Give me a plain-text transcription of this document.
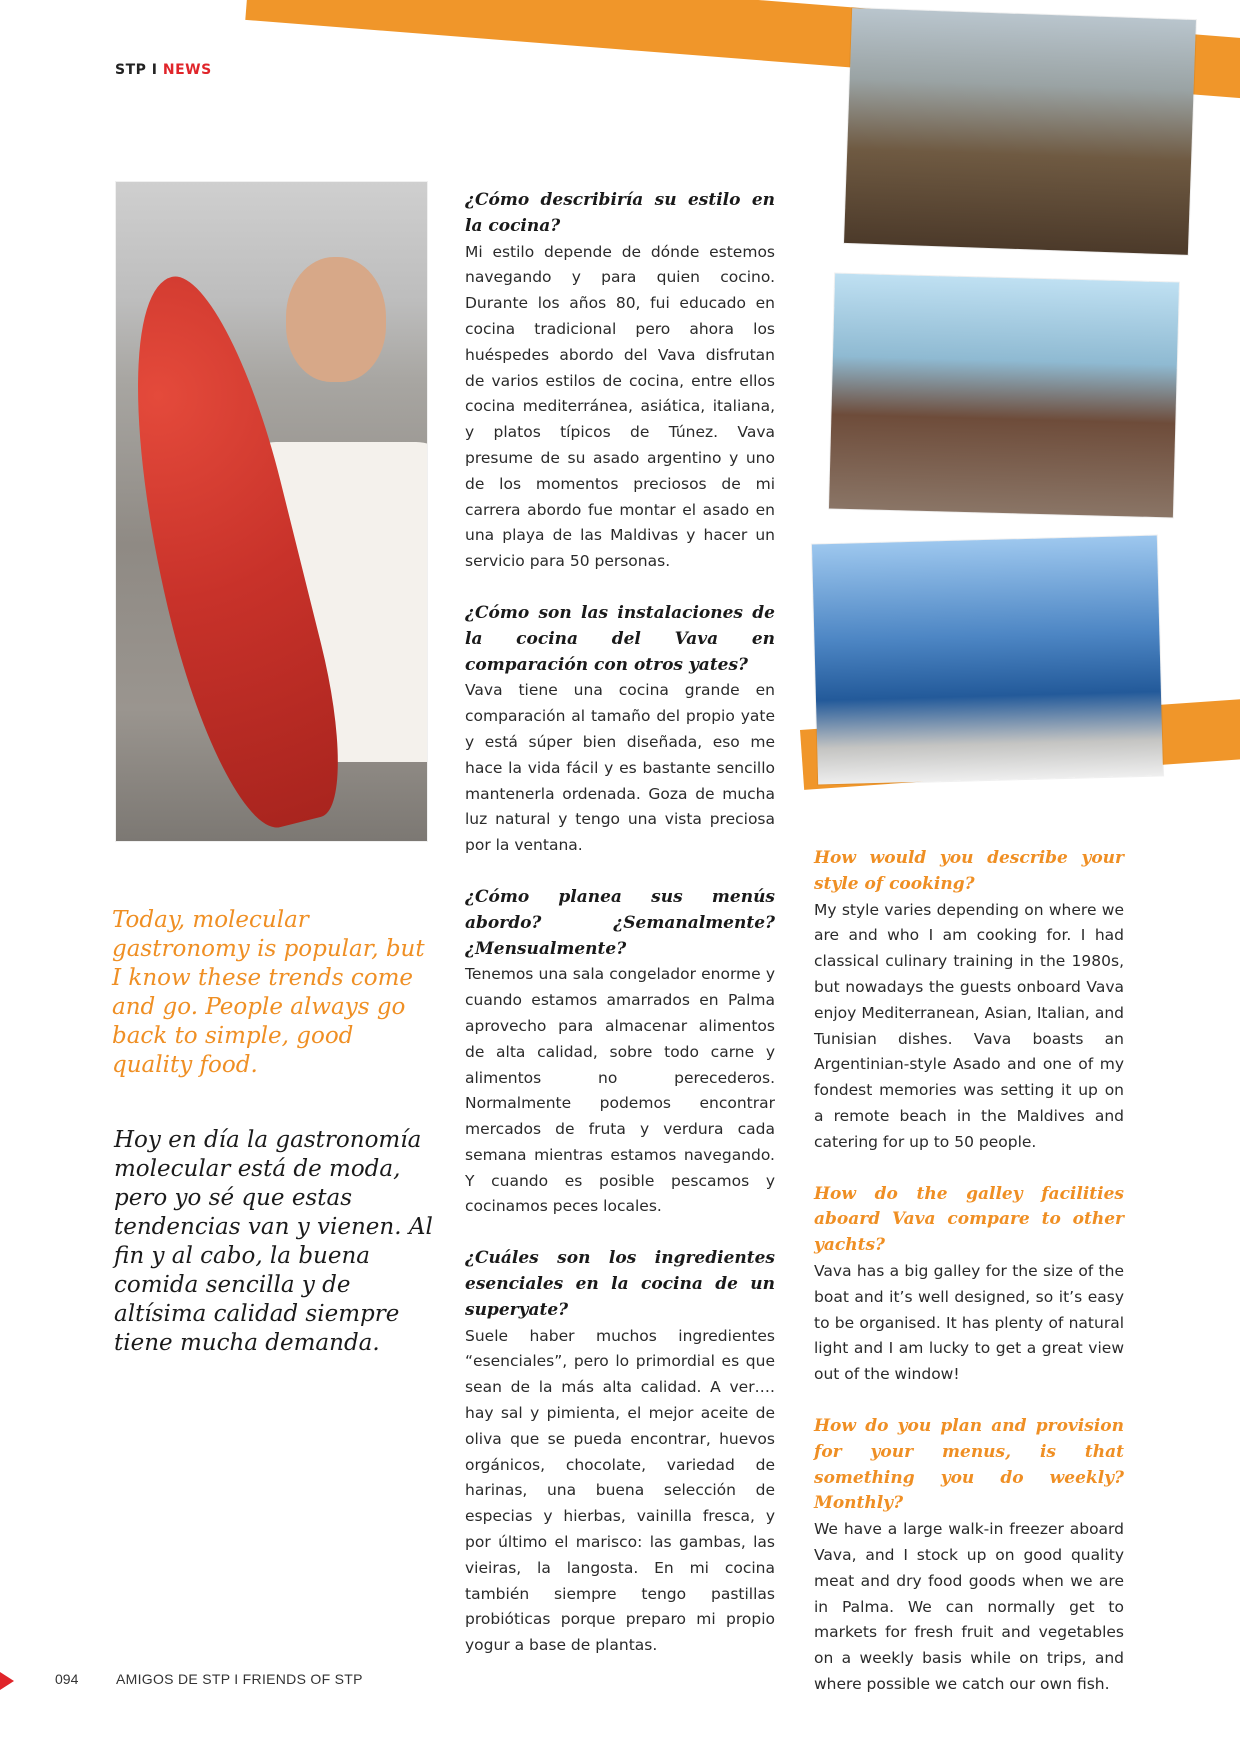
STP I NEWS
Today, molecular gastronomy is popular, but I know these trends come and go. People always go back to simple, good quality food.
Hoy en día la gastronomía molecular está de moda, pero yo sé que estas tendencias van y vienen. Al fin y al cabo, la buena comida sencilla y de altísima calidad siempre tiene mucha demanda.

¿Cómo describiría su estilo en la cocina?

Mi estilo depende de dónde estemos navegando y para quien cocino. Durante los años 80, fui educado en cocina tradicional pero ahora los huéspedes abordo del Vava disfrutan de varios estilos de cocina, entre ellos cocina mediterránea, asiática, italiana, y platos típicos de Túnez. Vava presume de su asado argentino y uno de los momentos preciosos de mi carrera abordo fue montar el asado en una playa de las Maldivas y hacer un servicio para 50 personas.

¿Cómo son las instalaciones de la cocina del Vava en comparación con otros yates?

Vava tiene una cocina grande en comparación al tamaño del propio yate y está súper bien diseñada, eso me hace la vida fácil y es bastante sencillo mantenerla ordenada. Goza de mucha luz natural y tengo una vista preciosa por la ventana.

¿Cómo planea sus menús abordo? ¿Semanalmente? ¿Mensualmente?

Tenemos una sala congelador enorme y cuando estamos amarrados en Palma aprovecho para almacenar alimentos de alta calidad, sobre todo carne y alimentos no perecederos. Normalmente podemos encontrar mercados de fruta y verdura cada semana mientras estamos navegando. Y cuando es posible pescamos y cocinamos peces locales.

¿Cuáles son los ingredientes esenciales en la cocina de un superyate?

Suele haber muchos ingredientes “esenciales”, pero lo primordial es que sean de la más alta calidad. A ver…. hay sal y pimienta, el mejor aceite de oliva que se pueda encontrar, huevos orgánicos, chocolate, variedad de harinas, una buena selección de especias y hierbas, vainilla fresca, y por último el marisco: las gambas, las vieiras, la langosta. En mi cocina también siempre tengo pastillas probióticas porque preparo mi propio yogur a base de plantas.

How would you describe your style of cooking?

My style varies depending on where we are and who I am cooking for. I had classical culinary training in the 1980s, but nowadays the guests onboard Vava enjoy Mediterranean, Asian, Italian, and Tunisian dishes. Vava boasts an Argentinian-style Asado and one of my fondest memories was setting it up on a remote beach in the Maldives and catering for up to 50 people.

How do the galley facilities aboard Vava compare to other yachts?

Vava has a big galley for the size of the boat and it’s well designed, so it’s easy to be organised. It has plenty of natural light and I am lucky to get a great view out of the window!

How do you plan and provision for your menus, is that something you do weekly? Monthly?

We have a large walk-in freezer aboard Vava, and I stock up on good quality meat and dry food goods when we are in Palma. We can normally get to markets for fresh fruit and vegetables on a weekly basis while on trips, and where possible we catch our own fish.

094	AMIGOS DE STP I FRIENDS OF STP
